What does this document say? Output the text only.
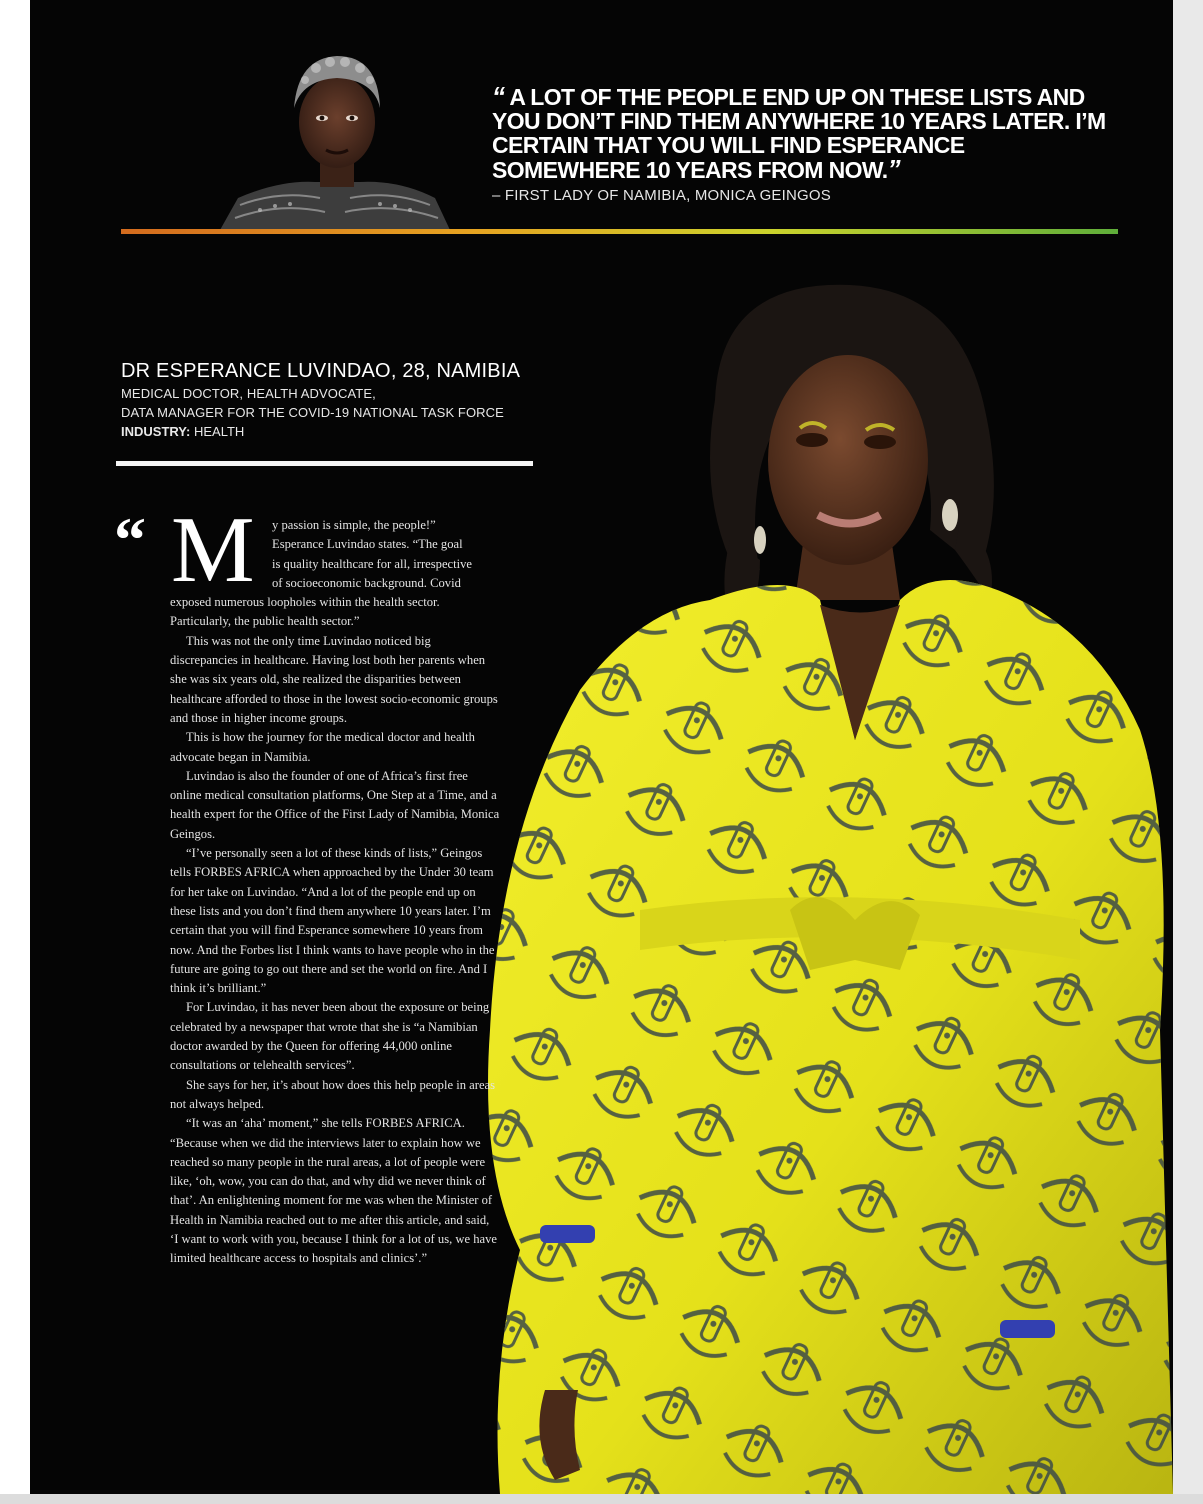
“ A LOT OF THE PEOPLE END UP ON THESE LISTS AND YOU DON’T FIND THEM ANYWHERE 10 YEARS LATER. I’M CERTAIN THAT YOU WILL FIND ESPERANCE SOMEWHERE 10 YEARS FROM NOW.”
– FIRST LADY OF NAMIBIA, MONICA GEINGOS
DR ESPERANCE LUVINDAO, 28, NAMIBIA
MEDICAL DOCTOR, HEALTH ADVOCATE,
DATA MANAGER FOR THE COVID-19 NATIONAL TASK FORCE
INDUSTRY: HEALTH
“ M	y passion is simple, the people!”

Esperance Luvindao states. “The goal

is quality healthcare for all, irrespective

of socioeconomic background. Covid

exposed numerous loopholes within the health sector. Particularly, the public health sector.”

This was not the only time Luvindao noticed big discrepancies in healthcare. Having lost both her parents when she was six years old, she realized the disparities between healthcare afforded to those in the lowest socio-economic groups and those in higher income groups.

This is how the journey for the medical doctor and health advocate began in Namibia.

Luvindao is also the founder of one of Africa’s first free online medical consultation platforms, One Step at a Time, and a health expert for the Office of the First Lady of Namibia, Monica Geingos.

“I’ve personally seen a lot of these kinds of lists,” Geingos tells FORBES AFRICA when approached by the Under 30 team for her take on Luvindao. “And a lot of the people end up on these lists and you don’t find them anywhere 10 years later. I’m certain that you will find Esperance somewhere 10 years from now. And the Forbes list I think wants to have people who in the future are going to go out there and set the world on fire. And I think it’s brilliant.”

For Luvindao, it has never been about the exposure or being celebrated by a newspaper that wrote that she is “a Namibian doctor awarded by the Queen for offering 44,000 online consultations or telehealth services”.

She says for her, it’s about how does this help people in areas not always helped.

“It was an ‘aha’ moment,” she tells FORBES AFRICA. “Because when we did the interviews later to explain how we reached so many people in the rural areas, a lot of people were like, ‘oh, wow, you can do that, and why did we never think of that’. An enlightening moment for me was when the Minister of Health in Namibia reached out to me after this article, and said, ‘I want to work with you, because I think for a lot of us, we have limited healthcare access to hospitals and clinics’.”
